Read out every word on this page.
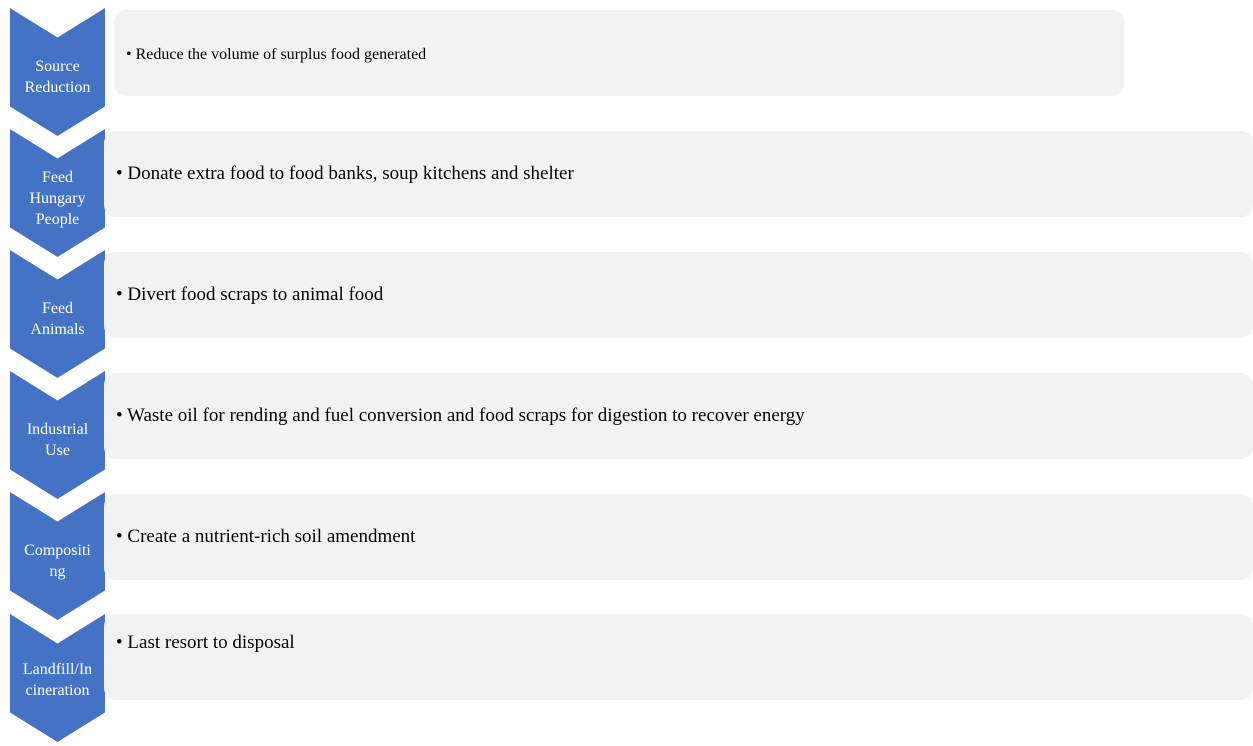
Source
Reduction
• Reduce the volume of surplus food generated
Feed
Hungary
People
• Donate extra food to food banks, soup kitchens and shelter
Feed
Animals
• Divert food scraps to animal food
Industrial
Use
• Waste oil for rending and fuel conversion and food scraps for digestion to recover energy
Compositi
ng
• Create a nutrient-rich soil amendment
Landfill/In
cineration
• Last resort to disposal
